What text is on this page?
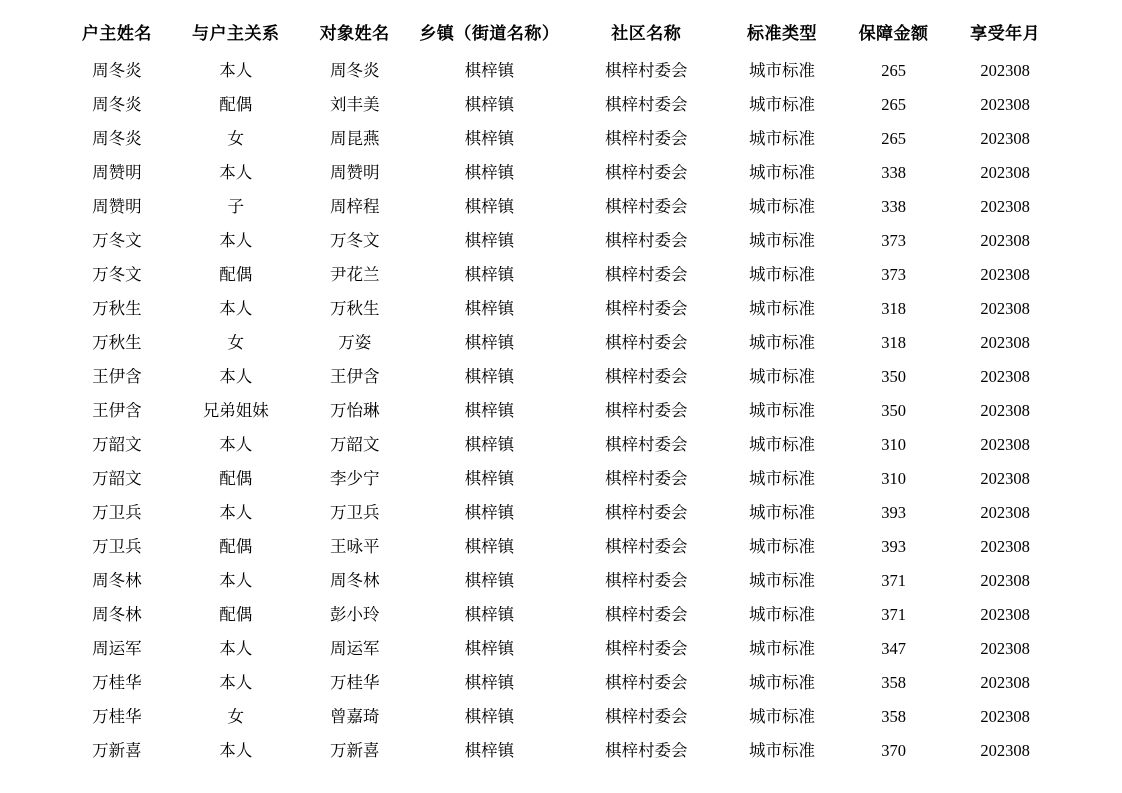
户主姓名	与户主关系	对象姓名	乡镇（街道名称）	社区名称	标准类型	保障金额	享受年月
周冬炎	本人	周冬炎	棋梓镇	棋梓村委会	城市标准	265	202308
周冬炎	配偶	刘丰美	棋梓镇	棋梓村委会	城市标准	265	202308
周冬炎	女	周昆燕	棋梓镇	棋梓村委会	城市标准	265	202308
周赞明	本人	周赞明	棋梓镇	棋梓村委会	城市标准	338	202308
周赞明	子	周梓程	棋梓镇	棋梓村委会	城市标准	338	202308
万冬文	本人	万冬文	棋梓镇	棋梓村委会	城市标准	373	202308
万冬文	配偶	尹花兰	棋梓镇	棋梓村委会	城市标准	373	202308
万秋生	本人	万秋生	棋梓镇	棋梓村委会	城市标准	318	202308
万秋生	女	万姿	棋梓镇	棋梓村委会	城市标准	318	202308
王伊含	本人	王伊含	棋梓镇	棋梓村委会	城市标准	350	202308
王伊含	兄弟姐妹	万怡琳	棋梓镇	棋梓村委会	城市标准	350	202308
万韶文	本人	万韶文	棋梓镇	棋梓村委会	城市标准	310	202308
万韶文	配偶	李少宁	棋梓镇	棋梓村委会	城市标准	310	202308
万卫兵	本人	万卫兵	棋梓镇	棋梓村委会	城市标准	393	202308
万卫兵	配偶	王咏平	棋梓镇	棋梓村委会	城市标准	393	202308
周冬林	本人	周冬林	棋梓镇	棋梓村委会	城市标准	371	202308
周冬林	配偶	彭小玲	棋梓镇	棋梓村委会	城市标准	371	202308
周运军	本人	周运军	棋梓镇	棋梓村委会	城市标准	347	202308
万桂华	本人	万桂华	棋梓镇	棋梓村委会	城市标准	358	202308
万桂华	女	曾嘉琦	棋梓镇	棋梓村委会	城市标准	358	202308
万新喜	本人	万新喜	棋梓镇	棋梓村委会	城市标准	370	202308
